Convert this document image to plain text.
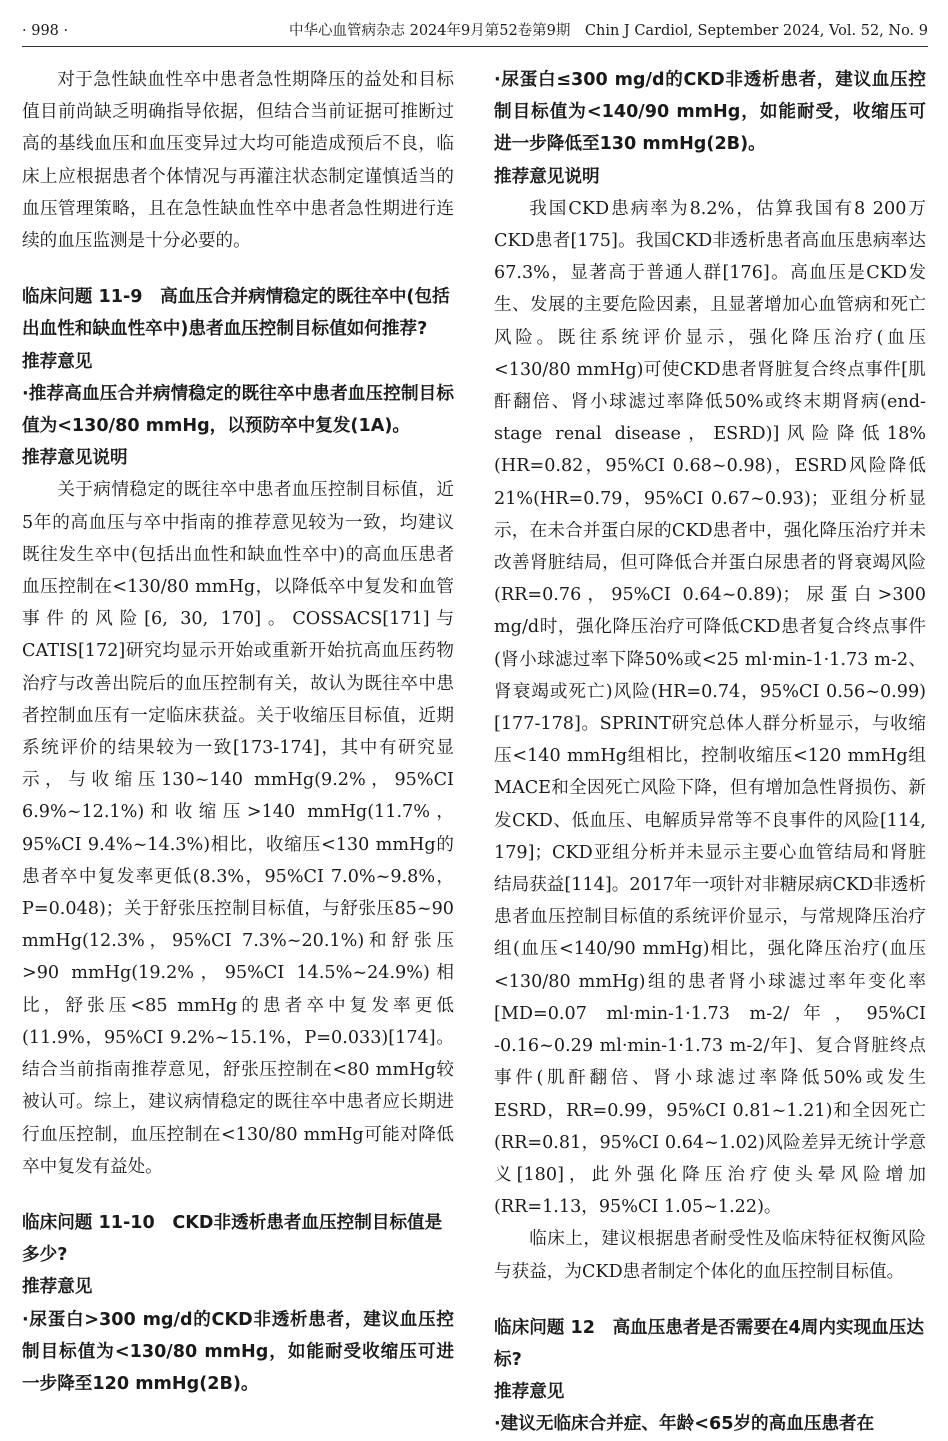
· 998 ·	中华心血管病杂志 2024年9月第52卷第9期　Chin J Cardiol, September 2024, Vol. 52, No. 9

对于急性缺血性卒中患者急性期降压的益处和目标值目前尚缺乏明确指导依据，但结合当前证据可推断过高的基线血压和血压变异过大均可能造成预后不良，临床上应根据患者个体情况与再灌注状态制定谨慎适当的血压管理策略，且在急性缺血性卒中患者急性期进行连续的血压监测是十分必要的。

临床问题 11-9　高血压合并病情稳定的既往卒中(包括出血性和缺血性卒中)患者血压控制目标值如何推荐?

推荐意见

·推荐高血压合并病情稳定的既往卒中患者血压控制目标值为<130/80 mmHg，以预防卒中复发(1A)。

推荐意见说明

关于病情稳定的既往卒中患者血压控制目标值，近5年的高血压与卒中指南的推荐意见较为一致，均建议既往发生卒中(包括出血性和缺血性卒中)的高血压患者血压控制在<130/80 mmHg，以降低卒中复发和血管事件的风险[6, 30, 170]。COSSACS[171]与CATIS[172]研究均显示开始或重新开始抗高血压药物治疗与改善出院后的血压控制有关，故认为既往卒中患者控制血压有一定临床获益。关于收缩压目标值，近期系统评价的结果较为一致[173-174]，其中有研究显示，与收缩压130~140 mmHg(9.2%，95%CI 6.9%~12.1%)和收缩压>140 mmHg(11.7%，95%CI 9.4%~14.3%)相比，收缩压<130 mmHg的患者卒中复发率更低(8.3%，95%CI 7.0%~9.8%，P=0.048)；关于舒张压控制目标值，与舒张压85~90 mmHg(12.3%，95%CI 7.3%~20.1%)和舒张压>90 mmHg(19.2%，95%CI 14.5%~24.9%)相比，舒张压<85 mmHg的患者卒中复发率更低(11.9%，95%CI 9.2%~15.1%，P=0.033)[174]。结合当前指南推荐意见，舒张压控制在<80 mmHg较被认可。综上，建议病情稳定的既往卒中患者应长期进行血压控制，血压控制在<130/80 mmHg可能对降低卒中复发有益处。

临床问题 11-10　CKD非透析患者血压控制目标值是多少?

推荐意见

·尿蛋白>300 mg/d的CKD非透析患者，建议血压控制目标值为<130/80 mmHg，如能耐受收缩压可进一步降至120 mmHg(2B)。

·尿蛋白≤300 mg/d的CKD非透析患者，建议血压控制目标值为<140/90 mmHg，如能耐受，收缩压可进一步降低至130 mmHg(2B)。

推荐意见说明

我国CKD患病率为8.2%，估算我国有8 200万CKD患者[175]。我国CKD非透析患者高血压患病率达67.3%，显著高于普通人群[176]。高血压是CKD发生、发展的主要危险因素，且显著增加心血管病和死亡风险。既往系统评价显示，强化降压治疗(血压<130/80 mmHg)可使CKD患者肾脏复合终点事件[肌酐翻倍、肾小球滤过率降低50%或终末期肾病(end-stage renal disease，ESRD)]风险降低18%(HR=0.82，95%CI 0.68~0.98)，ESRD风险降低21%(HR=0.79，95%CI 0.67~0.93)；亚组分析显示，在未合并蛋白尿的CKD患者中，强化降压治疗并未改善肾脏结局，但可降低合并蛋白尿患者的肾衰竭风险(RR=0.76，95%CI 0.64~0.89)；尿蛋白>300 mg/d时，强化降压治疗可降低CKD患者复合终点事件(肾小球滤过率下降50%或<25 ml·min-1·1.73 m-2、肾衰竭或死亡)风险(HR=0.74，95%CI 0.56~0.99)[177-178]。SPRINT研究总体人群分析显示，与收缩压<140 mmHg组相比，控制收缩压<120 mmHg组MACE和全因死亡风险下降，但有增加急性肾损伤、新发CKD、低血压、电解质异常等不良事件的风险[114, 179]；CKD亚组分析并未显示主要心血管结局和肾脏结局获益[114]。2017年一项针对非糖尿病CKD非透析患者血压控制目标值的系统评价显示，与常规降压治疗组(血压<140/90 mmHg)相比，强化降压治疗(血压<130/80 mmHg)组的患者肾小球滤过率年变化率[MD=0.07 ml·min-1·1.73 m-2/年，95%CI -0.16~0.29 ml·min-1·1.73 m-2/年]、复合肾脏终点事件(肌酐翻倍、肾小球滤过率降低50%或发生ESRD，RR=0.99，95%CI 0.81~1.21)和全因死亡(RR=0.81，95%CI 0.64~1.02)风险差异无统计学意义[180]，此外强化降压治疗使头晕风险增加(RR=1.13，95%CI 1.05~1.22)。

临床上，建议根据患者耐受性及临床特征权衡风险与获益，为CKD患者制定个体化的血压控制目标值。

临床问题 12　高血压患者是否需要在4周内实现血压达标?

推荐意见

·建议无临床合并症、年龄<65岁的高血压患者在
